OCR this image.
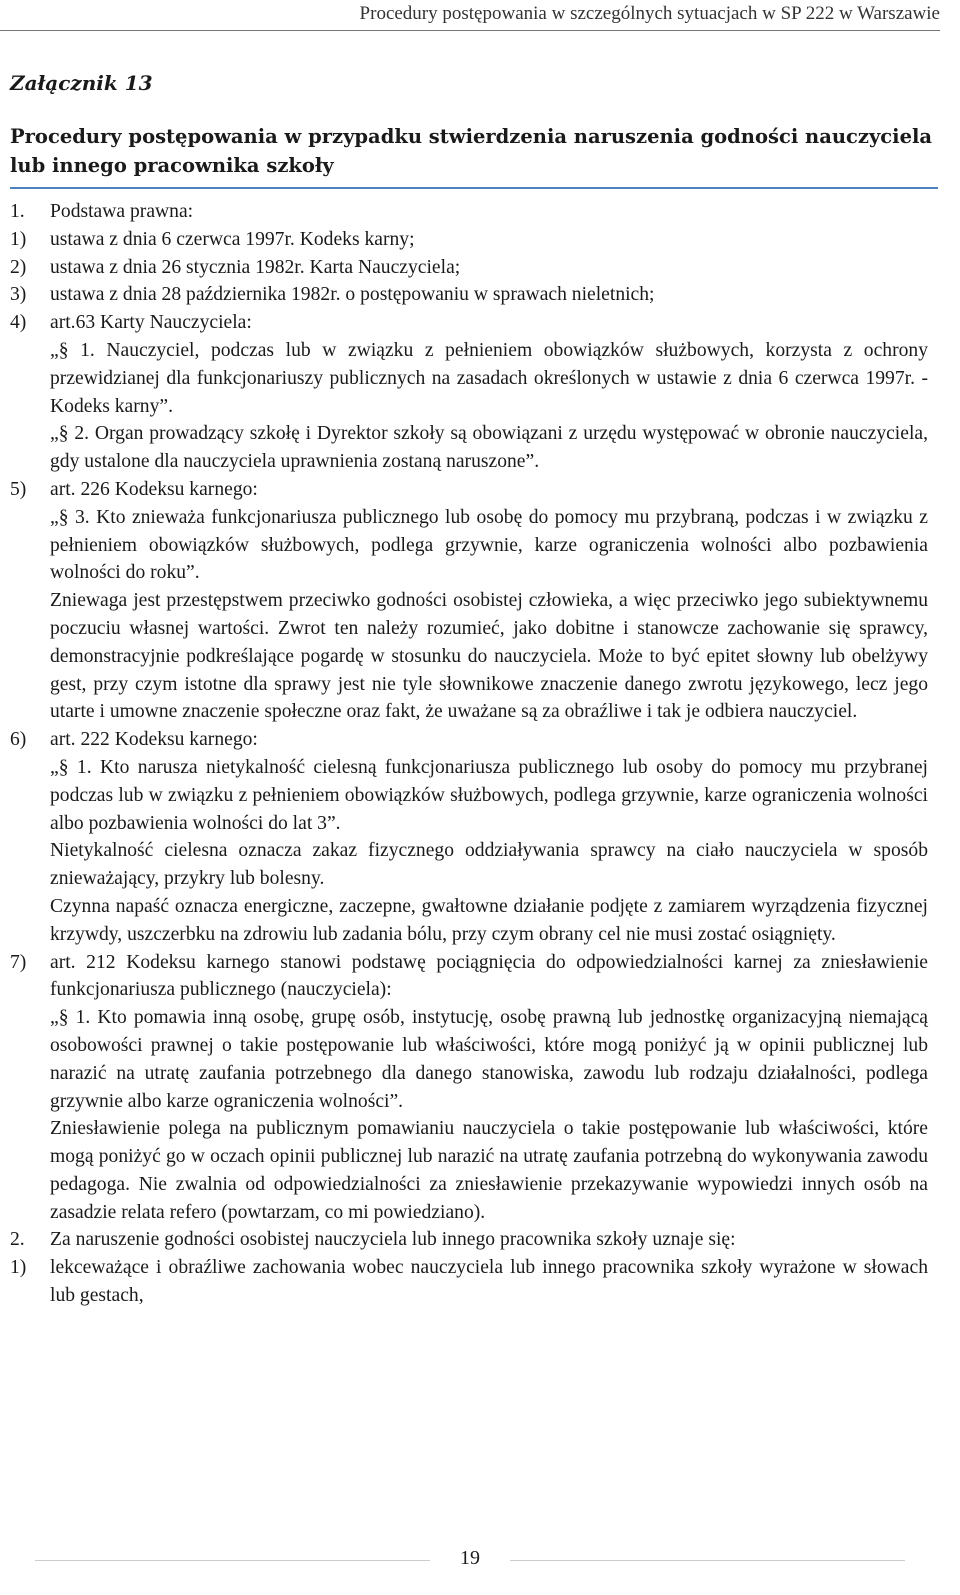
Procedury postępowania w szczególnych sytuacjach w SP 222 w Warszawie
Załącznik 13
Procedury postępowania w przypadku stwierdzenia naruszenia godności nauczyciela lub innego pracownika szkoły
1.	Podstawa prawna:
1)	ustawa z dnia 6 czerwca 1997r. Kodeks karny;
2)	ustawa z dnia 26 stycznia 1982r. Karta Nauczyciela;
3)	ustawa z dnia 28 października 1982r. o postępowaniu w sprawach nieletnich;
4)	art.63 Karty Nauczyciela:
„§ 1. Nauczyciel, podczas lub w związku z pełnieniem obowiązków służbowych, korzysta z ochrony przewidzianej dla funkcjonariuszy publicznych na zasadach określonych w ustawie z dnia 6 czerwca 1997r. - Kodeks karny”.
„§ 2. Organ prowadzący szkołę i Dyrektor szkoły są obowiązani z urzędu występować w obronie nauczyciela, gdy ustalone dla nauczyciela uprawnienia zostaną naruszone”.
5)	art. 226 Kodeksu karnego:
„§ 3. Kto znieważa funkcjonariusza publicznego lub osobę do pomocy mu przybraną, podczas i w związku z pełnieniem obowiązków służbowych, podlega grzywnie, karze ograniczenia wolności albo pozbawienia wolności do roku”.
Zniewaga jest przestępstwem przeciwko godności osobistej człowieka, a więc przeciwko jego subiektywnemu poczuciu własnej wartości. Zwrot ten należy rozumieć, jako dobitne i stanowcze zachowanie się sprawcy, demonstracyjnie podkreślające pogardę w stosunku do nauczyciela. Może to być epitet słowny lub obelżywy gest, przy czym istotne dla sprawy jest nie tyle słownikowe znaczenie danego zwrotu językowego, lecz jego utarte i umowne znaczenie społeczne oraz fakt, że uważane są za obraźliwe i tak je odbiera nauczyciel.
6)	art. 222 Kodeksu karnego:
„§ 1. Kto narusza nietykalność cielesną funkcjonariusza publicznego lub osoby do pomocy mu przybranej podczas lub w związku z pełnieniem obowiązków służbowych, podlega grzywnie, karze ograniczenia wolności albo pozbawienia wolności do lat 3”.
Nietykalność cielesna oznacza zakaz fizycznego oddziaływania sprawcy na ciało nauczyciela w sposób znieważający, przykry lub bolesny.
Czynna napaść oznacza energiczne, zaczepne, gwałtowne działanie podjęte z zamiarem wyrządzenia fizycznej krzywdy, uszczerbku na zdrowiu lub zadania bólu, przy czym obrany cel nie musi zostać osiągnięty.
7)	art. 212 Kodeksu karnego stanowi podstawę pociągnięcia do odpowiedzialności karnej za zniesławienie funkcjonariusza publicznego (nauczyciela):
„§ 1. Kto pomawia inną osobę, grupę osób, instytucję, osobę prawną lub jednostkę organizacyjną niemającą osobowości prawnej o takie postępowanie lub właściwości, które mogą poniżyć ją w opinii publicznej lub narazić na utratę zaufania potrzebnego dla danego stanowiska, zawodu lub rodzaju działalności, podlega grzywnie albo karze ograniczenia wolności”.
Zniesławienie polega na publicznym pomawianiu nauczyciela o takie postępowanie lub właściwości, które mogą poniżyć go w oczach opinii publicznej lub narazić na utratę zaufania potrzebną do wykonywania zawodu pedagoga. Nie zwalnia od odpowiedzialności za zniesławienie przekazywanie wypowiedzi innych osób na zasadzie relata refero (powtarzam, co mi powiedziano).
2.	Za naruszenie godności osobistej nauczyciela lub innego pracownika szkoły uznaje się:
1)	lekceważące i obraźliwe zachowania wobec nauczyciela lub innego pracownika szkoły wyrażone w słowach lub gestach,
19
